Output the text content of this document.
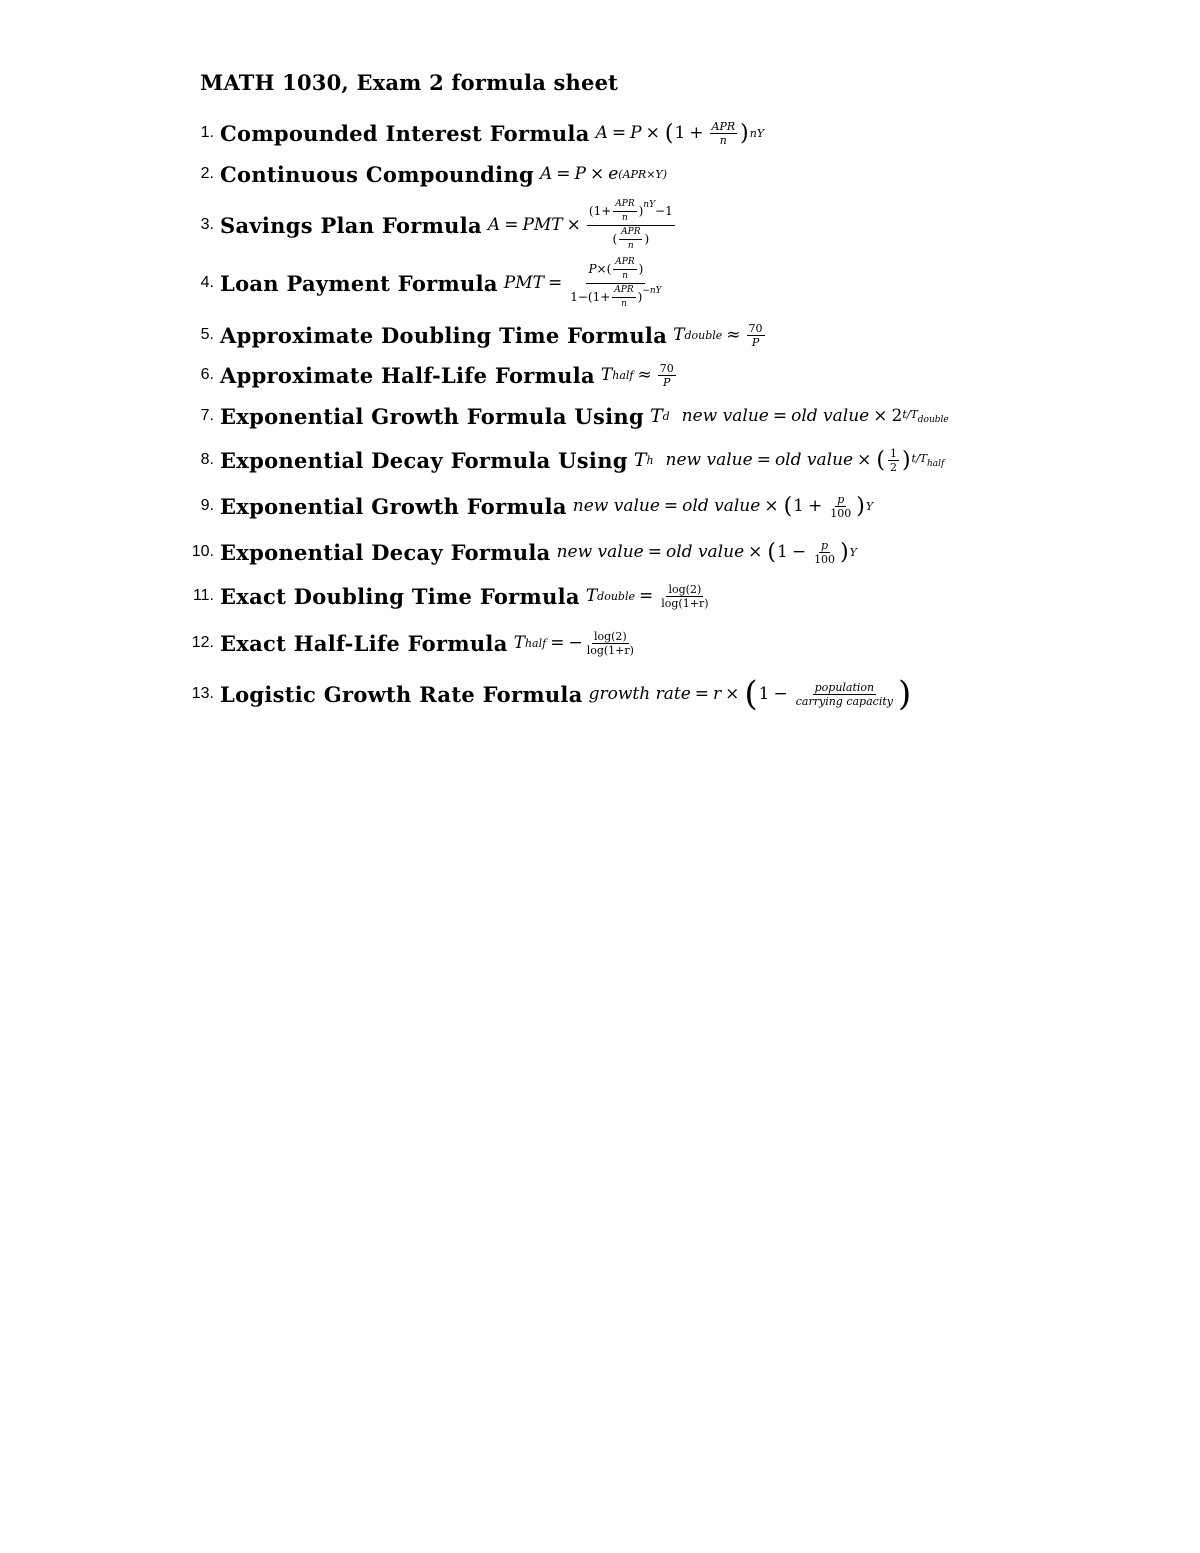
MATH 1030, Exam 2 formula sheet
1. Compounded Interest Formula A = P × ( $1 + \frac{\text{APR}}{n}$ ) nY
2. Continuous Compounding A = P × e (APR×Y)
3. Savings Plan Formula A = PMT × $\frac{(1+ \frac{\text{APR}}{n} )^{nY}-1}{( \frac{\text{APR}}{n} )}$
4. Loan Payment Formula PMT = $\frac{P\times( \frac{\text{APR}}{n} )}{1-(1+ \frac{\text{APR}}{n} )^{-nY}}$
5. Approximate Doubling Time Formula T double ≈ $\frac{70}{P}$
6. Approximate Half-Life Formula T half ≈ $\frac{70}{P}$
7. Exponential Growth Formula Using T d new value = old value × 2 $t/T_{double}$
8. Exponential Decay Formula Using T h new value = old value × ( $\frac{1}{2}$ ) $t/T_{half}$
9. Exponential Growth Formula new value = old value × ( $1 + \frac{p}{100}$ ) Y
10. Exponential Decay Formula new value = old value × ( $1 - \frac{p}{100}$ ) Y
11. Exact Doubling Time Formula T double = $\frac{\log(2)}{\log(1+r)}$
12. Exact Half-Life Formula T half = − $\frac{\log(2)}{\log(1+r)}$
13. Logistic Growth Rate Formula growth rate = r × ( $1 - \frac{\text{population}}{\text{carrying capacity}}$ )
